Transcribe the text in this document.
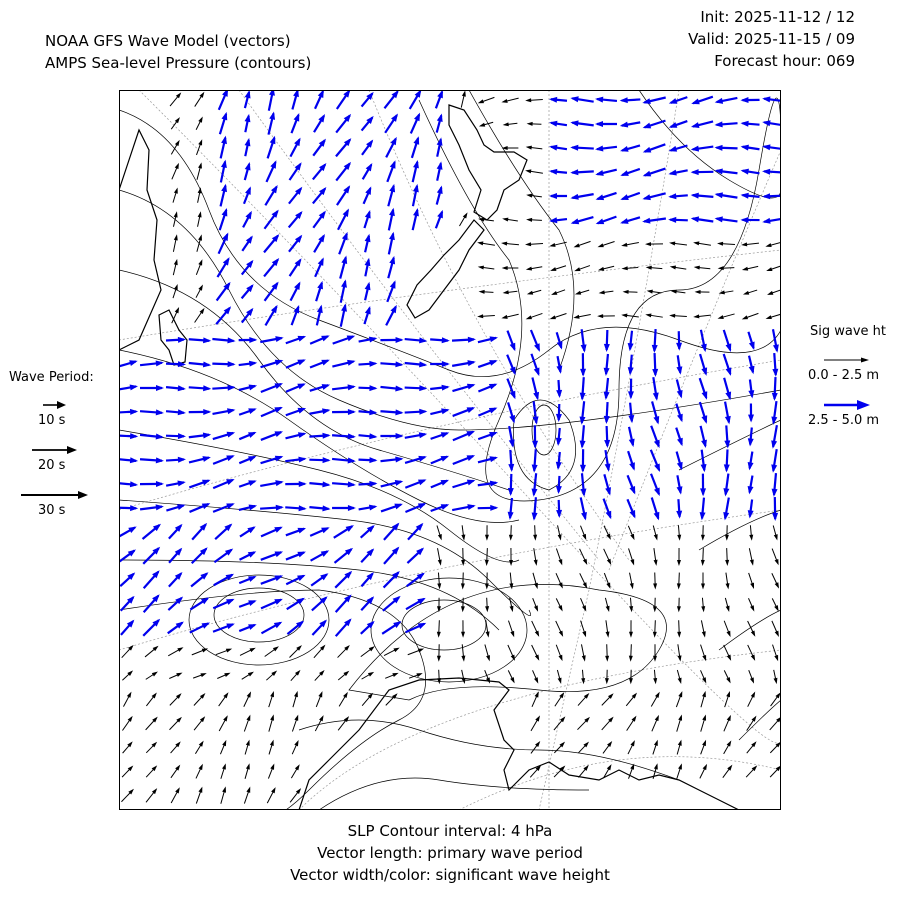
NOAA GFS Wave Model (vectors)
AMPS Sea-level Pressure (contours)
Init: 2025-11-12 / 12
Valid: 2025-11-15 / 09
Forecast hour: 069
Wave Period:
10 s
20 s
30 s
Sig wave ht
0.0 - 2.5 m
2.5 - 5.0 m
SLP Contour interval: 4 hPa
Vector length: primary wave period
Vector width/color: significant wave height
